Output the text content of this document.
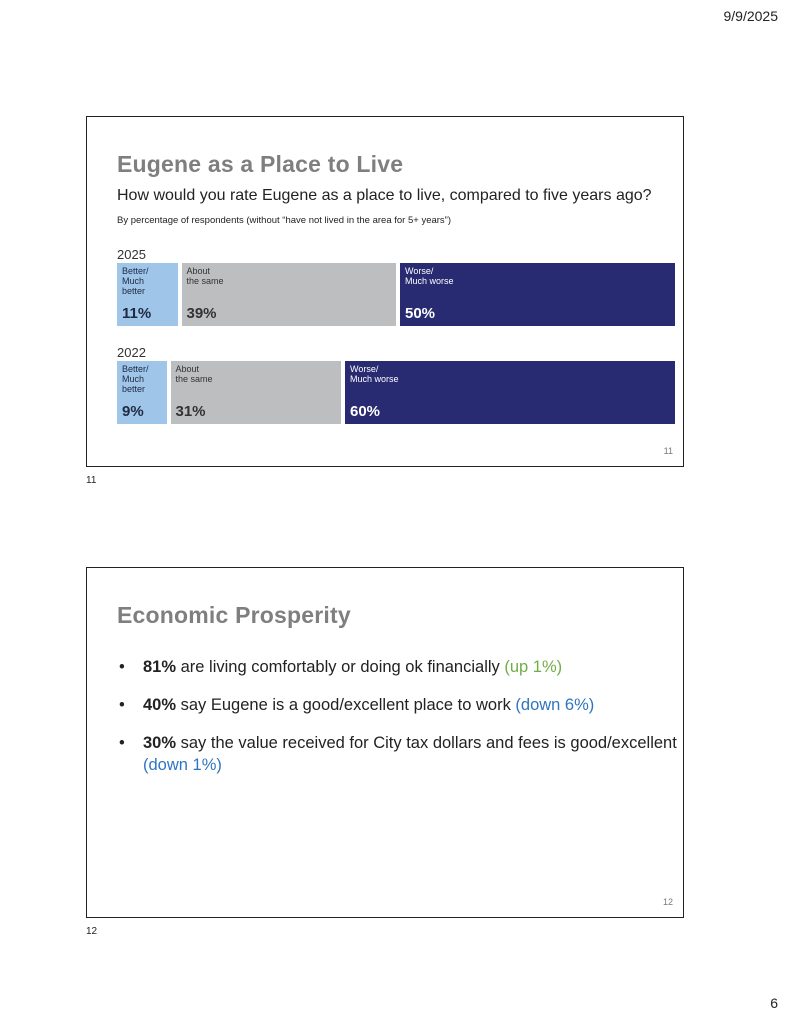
9/9/2025
Eugene as a Place to Live
How would you rate Eugene as a place to live, compared to five years ago?
By percentage of respondents (without “have not lived in the area for 5+ years”)
2025
Better/
Much
better
11%
About
the same
39%
Worse/
Much worse
50%
2022
Better/
Much
better
9%
About
the same
31%
Worse/
Much worse
60%
11
11
Economic Prosperity
• 81% are living comfortably or doing ok financially (up 1%)
• 40% say Eugene is a good/excellent place to work (down 6%)
• 30% say the value received for City tax dollars and fees is good/excellent (down 1%)
12
12
6
